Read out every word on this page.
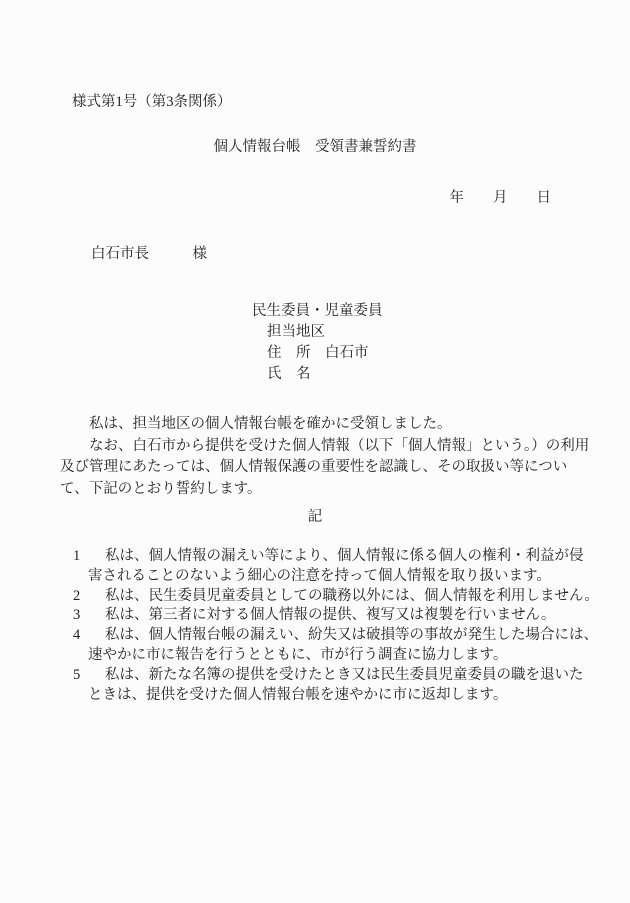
様式第1号（第3条関係）
個人情報台帳　受領書兼誓約書
年　　月　　日
白石市長　　　様
民生委員・児童委員
担当地区
住　所　白石市
氏　名
　　私は、担当地区の個人情報台帳を確かに受領しました。
　　なお、白石市から提供を受けた個人情報（以下「個人情報」という。）の利用
及び管理にあたっては、個人情報保護の重要性を認識し、その取扱い等につい
て、下記のとおり誓約します。
記
1 私は、個人情報の漏えい等により、個人情報に係る個人の権利・利益が侵
害されることのないよう細心の注意を持って個人情報を取り扱います。
2 私は、民生委員児童委員としての職務以外には、個人情報を利用しません。
3 私は、第三者に対する個人情報の提供、複写又は複製を行いません。
4 私は、個人情報台帳の漏えい、紛失又は破損等の事故が発生した場合には、
速やかに市に報告を行うとともに、市が行う調査に協力します。
5 私は、新たな名簿の提供を受けたとき又は民生委員児童委員の職を退いた
ときは、提供を受けた個人情報台帳を速やかに市に返却します。
